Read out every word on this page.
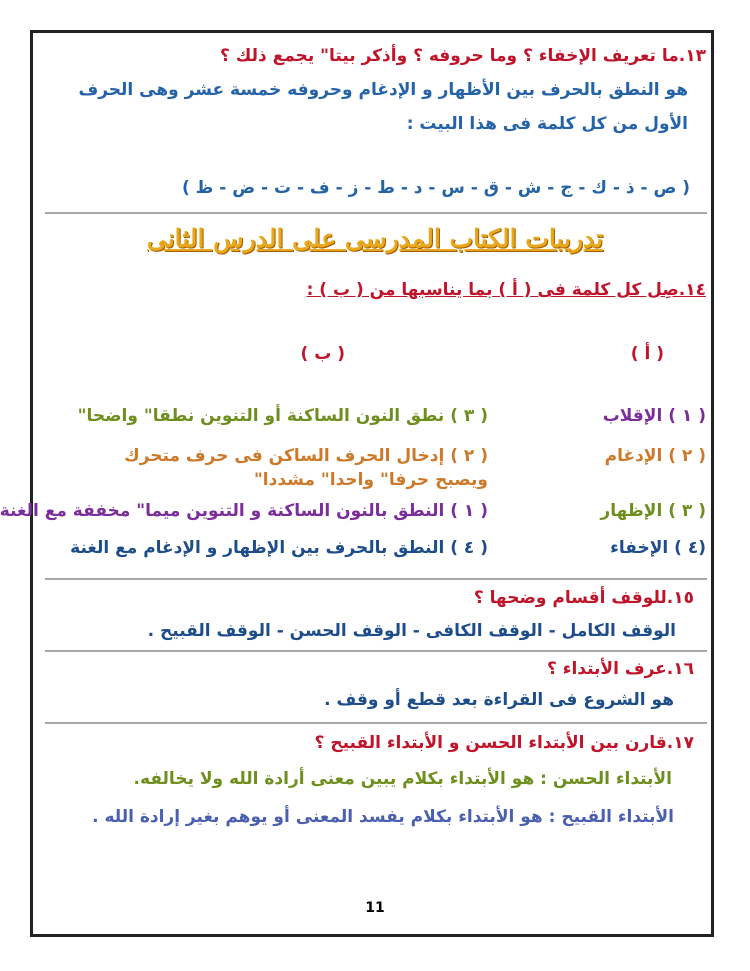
١٣.ما تعريف الإخفاء ؟ وما حروفه ؟ وأذكر بيتا" يجمع ذلك ؟
هو النطق بالحرف بين الأظهار و الإدغام وحروفه خمسة عشر وهى الحرف
الأول من كل كلمة فى هذا البيت :
( ص - ذ - ك - ج - ش - ق - س - د - ط - ز - ف - ت - ض - ظ )
تدريبات الكتاب المدرسى على الدرس الثانى
١٤.صِل كل كلمة فى ( أ ) بما يناسبها من ( ب ) :
( أ )
( ب )
( ١ ) الإقلاب
( ٣ ) نطق النون الساكنة أو التنوين نطقا" واضحا"
( ٢ ) الإدغام
( ٢ ) إدخال الحرف الساكن فى حرف متحرك
ويصبح حرفا" واحدا" مشددا"
( ٣ ) الإظهار
( ١ ) النطق بالنون الساكنة و التنوين ميما" مخففة مع الغنة
(٤ ) الإخفاء
( ٤ ) النطق بالحرف بين الإظهار و الإدغام مع الغنة
١٥.للوقف أقسام وضحها ؟
الوقف الكامل - الوقف الكافى - الوقف الحسن - الوقف القبيح .
١٦.عرف الأبتداء ؟
هو الشروع فى القراءة بعد قطع أو وقف .
١٧.قارن بين الأبتداء الحسن و الأبتداء القبيح ؟
الأبتداء الحسن : هو الأبتداء بكلام يبين معنى أرادة الله ولا يخالفه.
الأبتداء القبيح : هو الأبتداء بكلام يفسد المعنى أو يوهم بغير إرادة الله .
11
